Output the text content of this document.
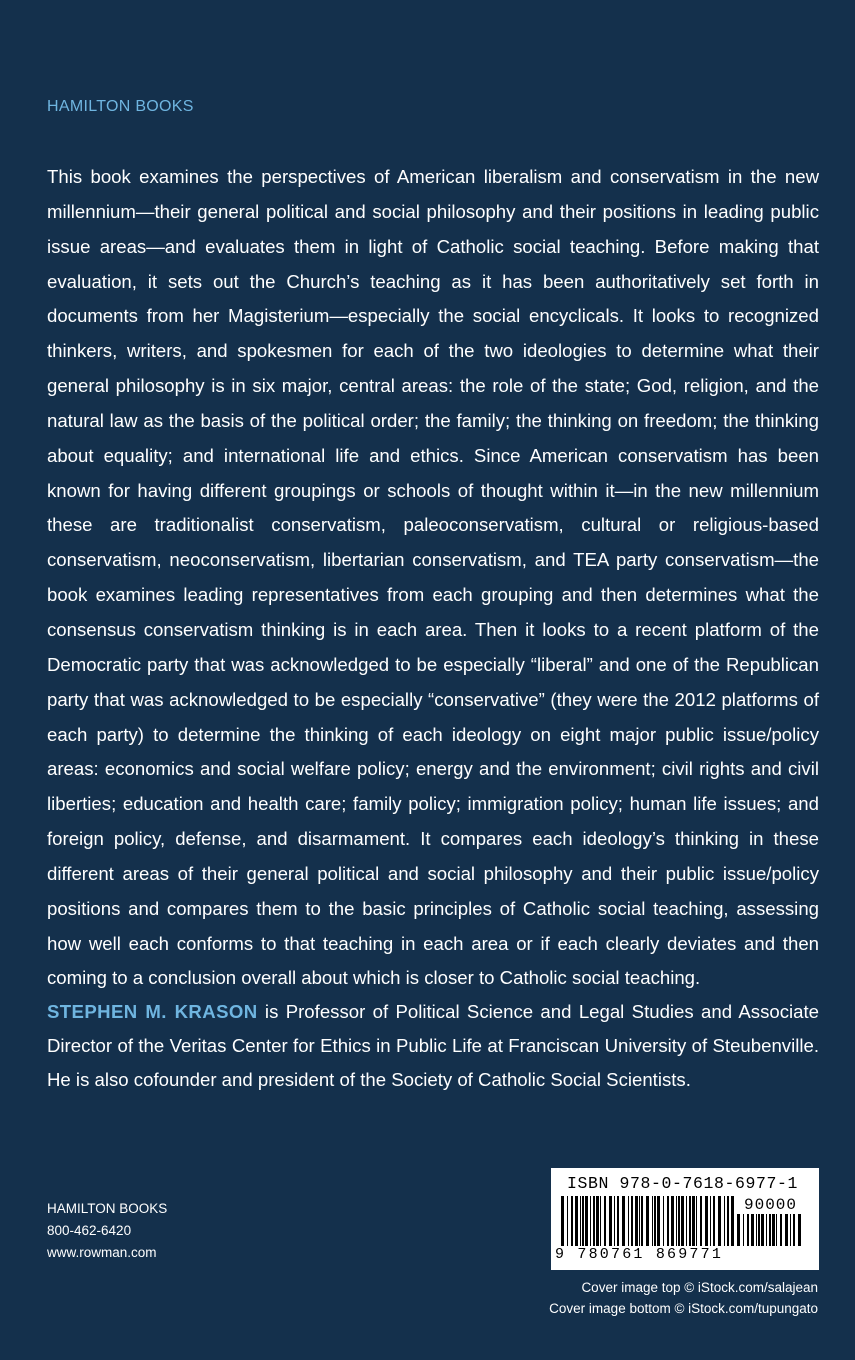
HAMILTON BOOKS
This book examines the perspectives of American liberalism and conservatism in the new millennium—their general political and social philosophy and their positions in leading public issue areas—and evaluates them in light of Catholic social teaching. Before making that evaluation, it sets out the Church’s teaching as it has been authoritatively set forth in documents from her Magisterium—especially the social encyclicals. It looks to recognized thinkers, writers, and spokesmen for each of the two ideologies to determine what their general philosophy is in six major, central areas: the role of the state; God, religion, and the natural law as the basis of the political order; the family; the thinking on freedom; the thinking about equality; and international life and ethics. Since American conservatism has been known for having different groupings or schools of thought within it—in the new millennium these are traditionalist conservatism, paleoconservatism, cultural or religious-based conservatism, neoconservatism, libertarian conservatism, and TEA party conservatism—the book examines leading representatives from each grouping and then determines what the consensus conservatism thinking is in each area. Then it looks to a recent platform of the Democratic party that was acknowledged to be especially “liberal” and one of the Republican party that was acknowledged to be especially “conservative” (they were the 2012 platforms of each party) to determine the thinking of each ideology on eight major public issue/policy areas: economics and social welfare policy; energy and the environment; civil rights and civil liberties; education and health care; family policy; immigration policy; human life issues; and foreign policy, defense, and disarmament. It compares each ideology’s thinking in these different areas of their general political and social philosophy and their public issue/policy positions and compares them to the basic principles of Catholic social teaching, assessing how well each conforms to that teaching in each area or if each clearly deviates and then coming to a conclusion overall about which is closer to Catholic social teaching.
STEPHEN M. KRASON is Professor of Political Science and Legal Studies and Associate Director of the Veritas Center for Ethics in Public Life at Franciscan University of Steubenville. He is also cofounder and president of the Society of Catholic Social Scientists.
HAMILTON BOOKS
800-462-6420
www.rowman.com
ISBN 978-0-7618-6977-1
90000
9 780761 869771
Cover image top © iStock.com/salajean
Cover image bottom © iStock.com/tupungato
